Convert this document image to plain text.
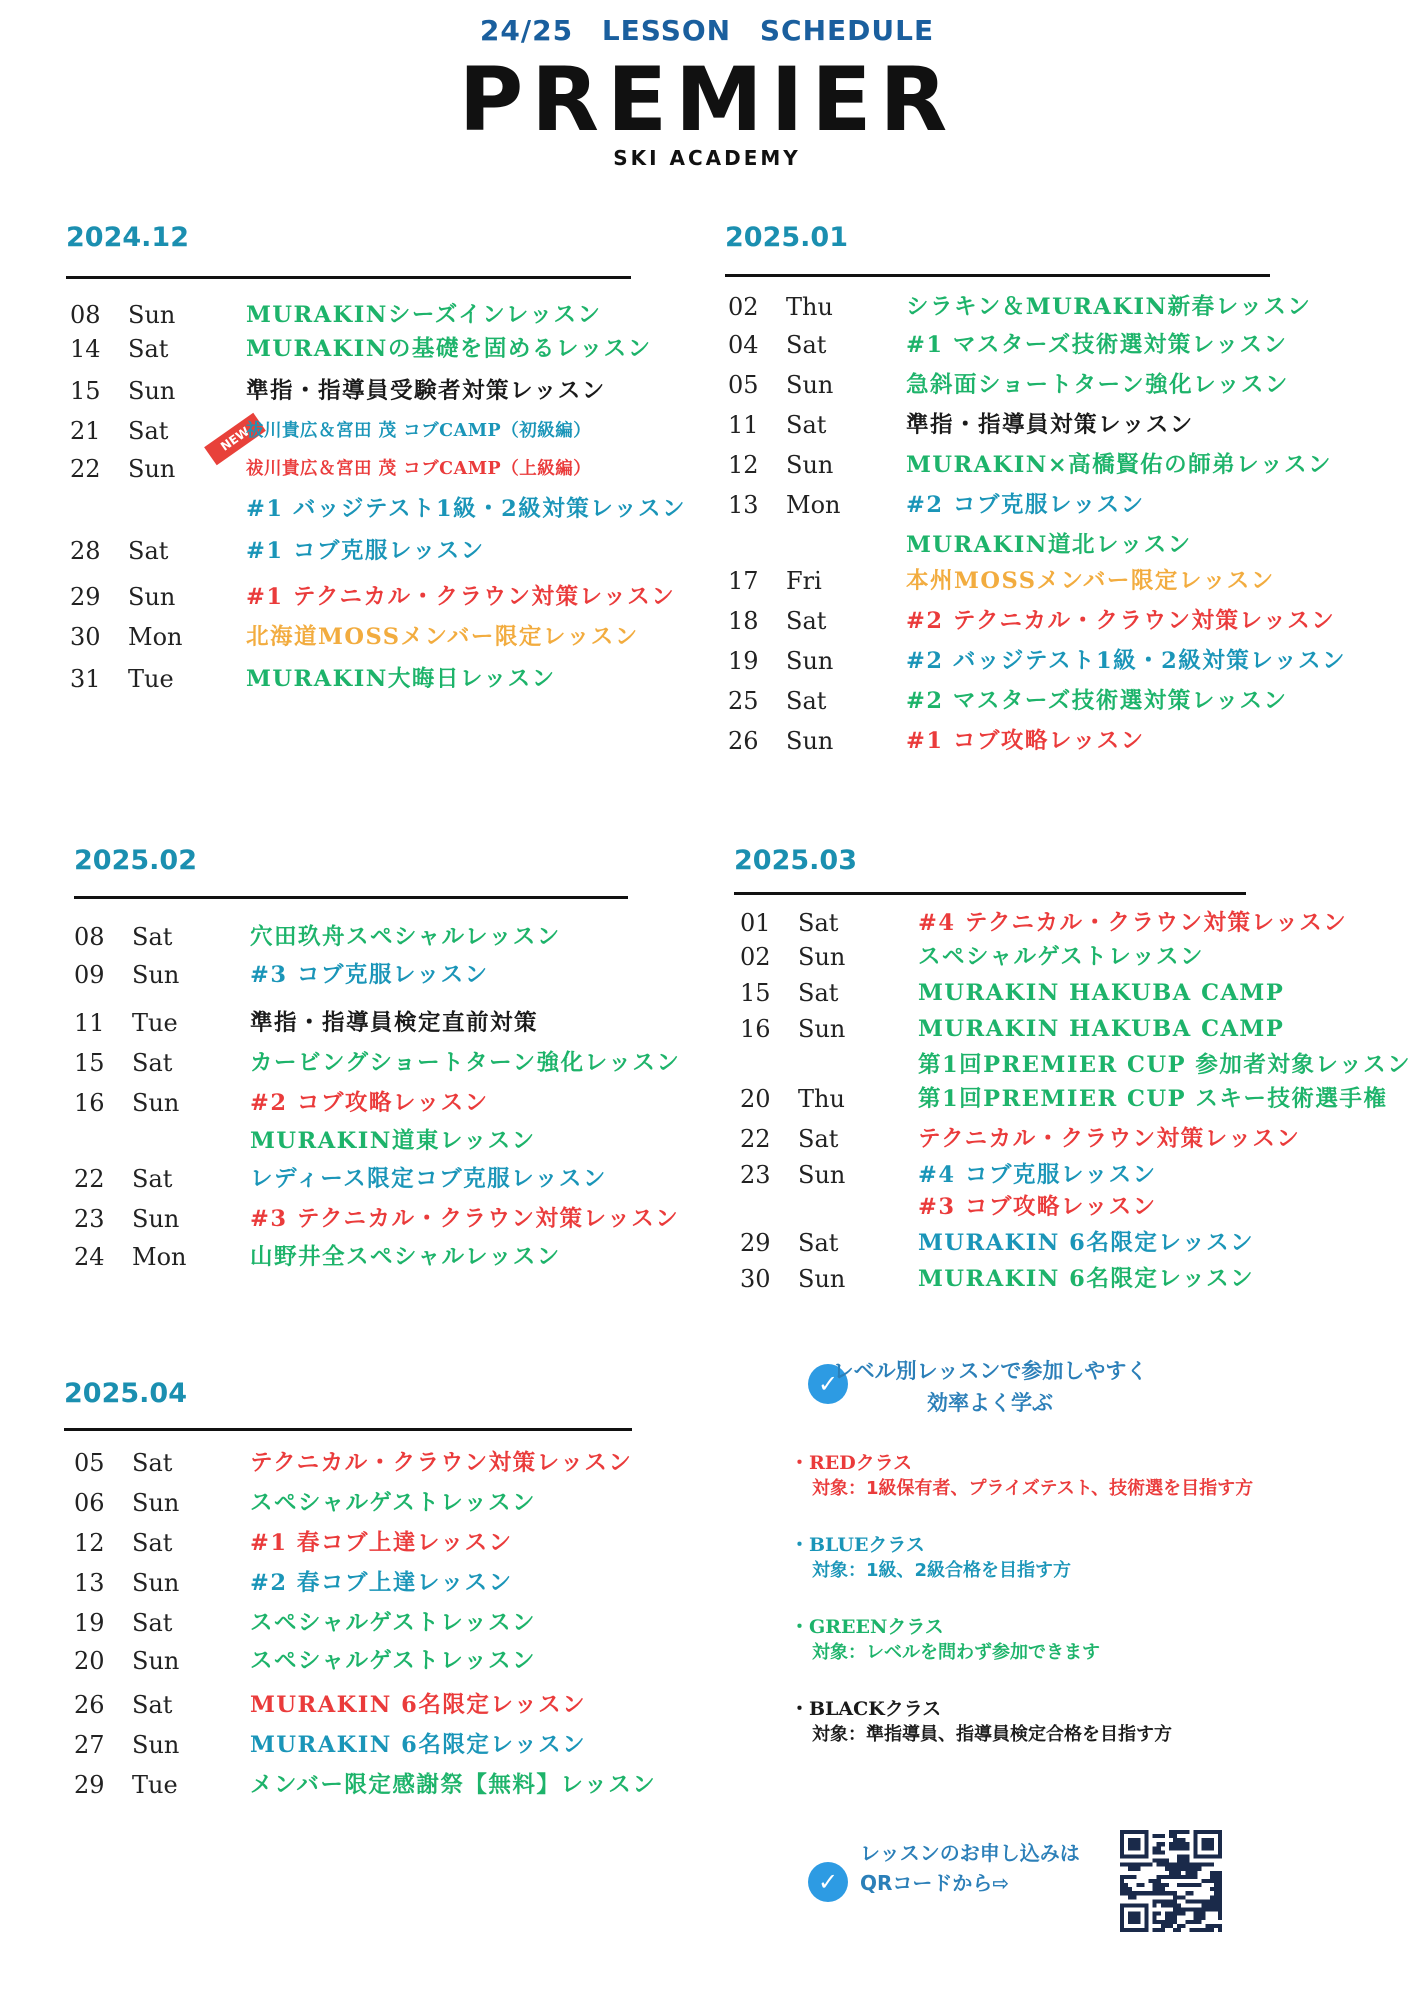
24/25 LESSON SCHEDULE
PREMIER
SKI ACADEMY
2024.12	2025.01
2025.02	2025.03
2025.04
NEW
✓
レベル別レッスンで参加しやすく
効率よく学ぶ
・REDクラス
対象：1級保有者、プライズテスト、技術選を目指す方
・BLUEクラス
対象：1級、2級合格を目指す方
・GREENクラス
対象：レベルを問わず参加できます
・BLACKクラス
対象：準指導員、指導員検定合格を目指す方
✓
レッスンのお申し込みは
QRコードから⇨
08 Sun	MURAKINシーズインレッスン
14 Sat	MURAKINの基礎を固めるレッスン
15 Sun	準指・指導員受験者対策レッスン
21 Sat	祓川貴広＆宮田 茂 コブCAMP（初級編）
22 Sun	祓川貴広＆宮田 茂 コブCAMP（上級編）
#1 バッジテスト1級・2級対策レッスン
28 Sat	#1 コブ克服レッスン
29 Sun	#1 テクニカル・クラウン対策レッスン
30 Mon	北海道MOSSメンバー限定レッスン
31 Tue	MURAKIN大晦日レッスン
02 Thu	シラキン＆MURAKIN新春レッスン
04 Sat	#1 マスターズ技術選対策レッスン
05 Sun	急斜面ショートターン強化レッスン
11 Sat	準指・指導員対策レッスン
12 Sun	MURAKIN×高橋賢佑の師弟レッスン
13 Mon	#2 コブ克服レッスン
MURAKIN道北レッスン
17 Fri	本州MOSSメンバー限定レッスン
18 Sat	#2 テクニカル・クラウン対策レッスン
19 Sun	#2 バッジテスト1級・2級対策レッスン
25 Sat	#2 マスターズ技術選対策レッスン
26 Sun	#1 コブ攻略レッスン
08 Sat	穴田玖舟スペシャルレッスン
09 Sun	#3 コブ克服レッスン
11 Tue	準指・指導員検定直前対策
15 Sat	カービングショートターン強化レッスン
16 Sun	#2 コブ攻略レッスン
MURAKIN道東レッスン
22 Sat	レディース限定コブ克服レッスン
23 Sun	#3 テクニカル・クラウン対策レッスン
24 Mon	山野井全スペシャルレッスン
01 Sat	#4 テクニカル・クラウン対策レッスン
02 Sun	スペシャルゲストレッスン
15 Sat	MURAKIN HAKUBA CAMP
16 Sun	MURAKIN HAKUBA CAMP
第1回PREMIER CUP 参加者対象レッスン
20 Thu	第1回PREMIER CUP スキー技術選手権
22 Sat	テクニカル・クラウン対策レッスン
23 Sun	#4 コブ克服レッスン
#3 コブ攻略レッスン
29 Sat	MURAKIN 6名限定レッスン
30 Sun	MURAKIN 6名限定レッスン
05 Sat	テクニカル・クラウン対策レッスン
06 Sun	スペシャルゲストレッスン
12 Sat	#1 春コブ上達レッスン
13 Sun	#2 春コブ上達レッスン
19 Sat	スペシャルゲストレッスン
20 Sun	スペシャルゲストレッスン
26 Sat	MURAKIN 6名限定レッスン
27 Sun	MURAKIN 6名限定レッスン
29 Tue	メンバー限定感謝祭【無料】レッスン
